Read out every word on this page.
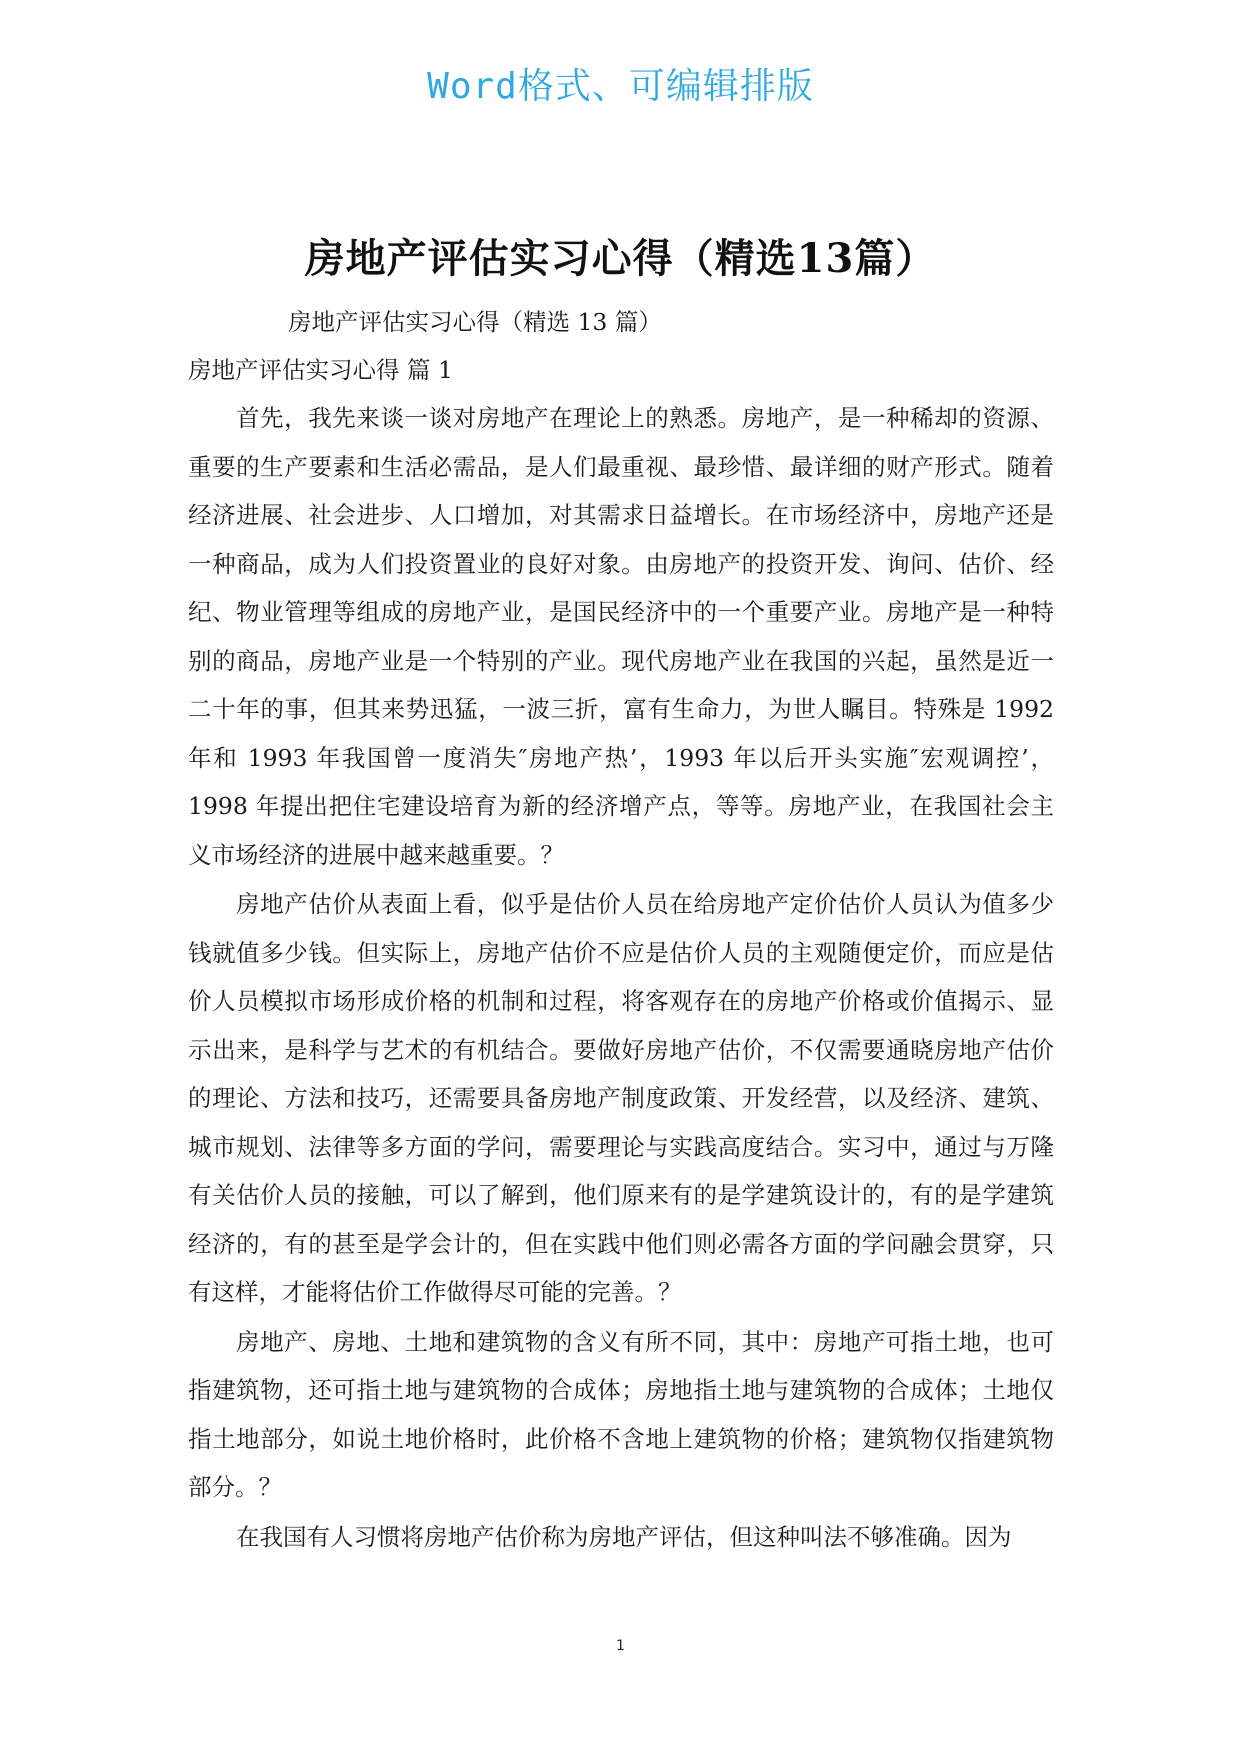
Word格式、可编辑排版
房地产评估实习心得（精选13篇）

房地产评估实习心得（精选 13 篇）

房地产评估实习心得 篇 1

首先，我先来谈一谈对房地产在理论上的熟悉。房地产，是一种稀却的资源、重要的生产要素和生活必需品，是人们最重视、最珍惜、最详细的财产形式。随着经济进展、社会进步、人口增加，对其需求日益增长。在市场经济中，房地产还是一种商品，成为人们投资置业的良好对象。由房地产的投资开发、询问、估价、经纪、物业管理等组成的房地产业，是国民经济中的一个重要产业。房地产是一种特别的商品，房地产业是一个特别的产业。现代房地产业在我国的兴起，虽然是近一二十年的事，但其来势迅猛，一波三折，富有生命力，为世人瞩目。特殊是 1992 年和 1993 年我国曾一度消失″房地产热’，1993 年以后开头实施″宏观调控’，1998 年提出把住宅建设培育为新的经济增产点，等等。房地产业，在我国社会主义市场经济的进展中越来越重要。？

房地产估价从表面上看，似乎是估价人员在给房地产定价估价人员认为值多少钱就值多少钱。但实际上，房地产估价不应是估价人员的主观随便定价，而应是估价人员模拟市场形成价格的机制和过程，将客观存在的房地产价格或价值揭示、显示出来，是科学与艺术的有机结合。要做好房地产估价，不仅需要通晓房地产估价的理论、方法和技巧，还需要具备房地产制度政策、开发经营，以及经济、建筑、城市规划、法律等多方面的学问，需要理论与实践高度结合。实习中，通过与万隆有关估价人员的接触，可以了解到，他们原来有的是学建筑设计的，有的是学建筑经济的，有的甚至是学会计的，但在实践中他们则必需各方面的学问融会贯穿，只有这样，才能将估价工作做得尽可能的完善。？

房地产、房地、土地和建筑物的含义有所不同，其中：房地产可指土地，也可指建筑物，还可指土地与建筑物的合成体；房地指土地与建筑物的合成体；土地仅指土地部分，如说土地价格时，此价格不含地上建筑物的价格；建筑物仅指建筑物部分。？

在我国有人习惯将房地产估价称为房地产评估，但这种叫法不够准确。因为

1
